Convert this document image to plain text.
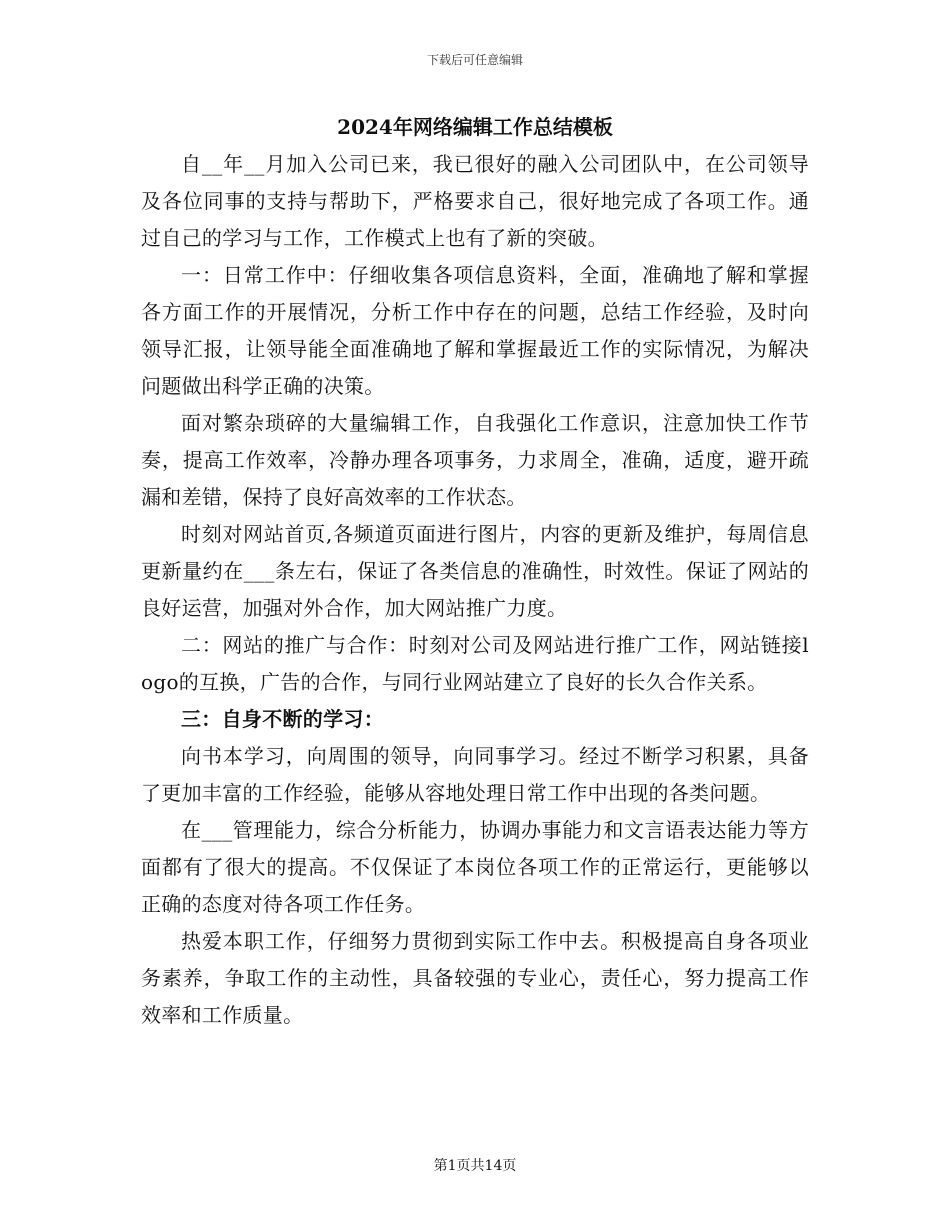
下载后可任意编辑
2024年网络编辑工作总结模板

自__年__月加入公司已来，我已很好的融入公司团队中，在公司领导及各位同事的支持与帮助下，严格要求自己，很好地完成了各项工作。通过自己的学习与工作，工作模式上也有了新的突破。

一：日常工作中：仔细收集各项信息资料，全面，准确地了解和掌握各方面工作的开展情况，分析工作中存在的问题，总结工作经验，及时向领导汇报，让领导能全面准确地了解和掌握最近工作的实际情况，为解决问题做出科学正确的决策。

面对繁杂琐碎的大量编辑工作，自我强化工作意识，注意加快工作节奏，提高工作效率，冷静办理各项事务，力求周全，准确，适度，避开疏漏和差错，保持了良好高效率的工作状态。

时刻对网站首页,各频道页面进行图片，内容的更新及维护，每周信息更新量约在___条左右，保证了各类信息的准确性，时效性。保证了网站的良好运营，加强对外合作，加大网站推广力度。

二：网站的推广与合作：时刻对公司及网站进行推广工作，网站链接logo的互换，广告的合作，与同行业网站建立了良好的长久合作关系。

三：自身不断的学习：

向书本学习，向周围的领导，向同事学习。经过不断学习积累，具备了更加丰富的工作经验，能够从容地处理日常工作中出现的各类问题。

在___管理能力，综合分析能力，协调办事能力和文言语表达能力等方面都有了很大的提高。不仅保证了本岗位各项工作的正常运行，更能够以正确的态度对待各项工作任务。

热爱本职工作，仔细努力贯彻到实际工作中去。积极提高自身各项业务素养，争取工作的主动性，具备较强的专业心，责任心，努力提高工作效率和工作质量。

第1页共14页
